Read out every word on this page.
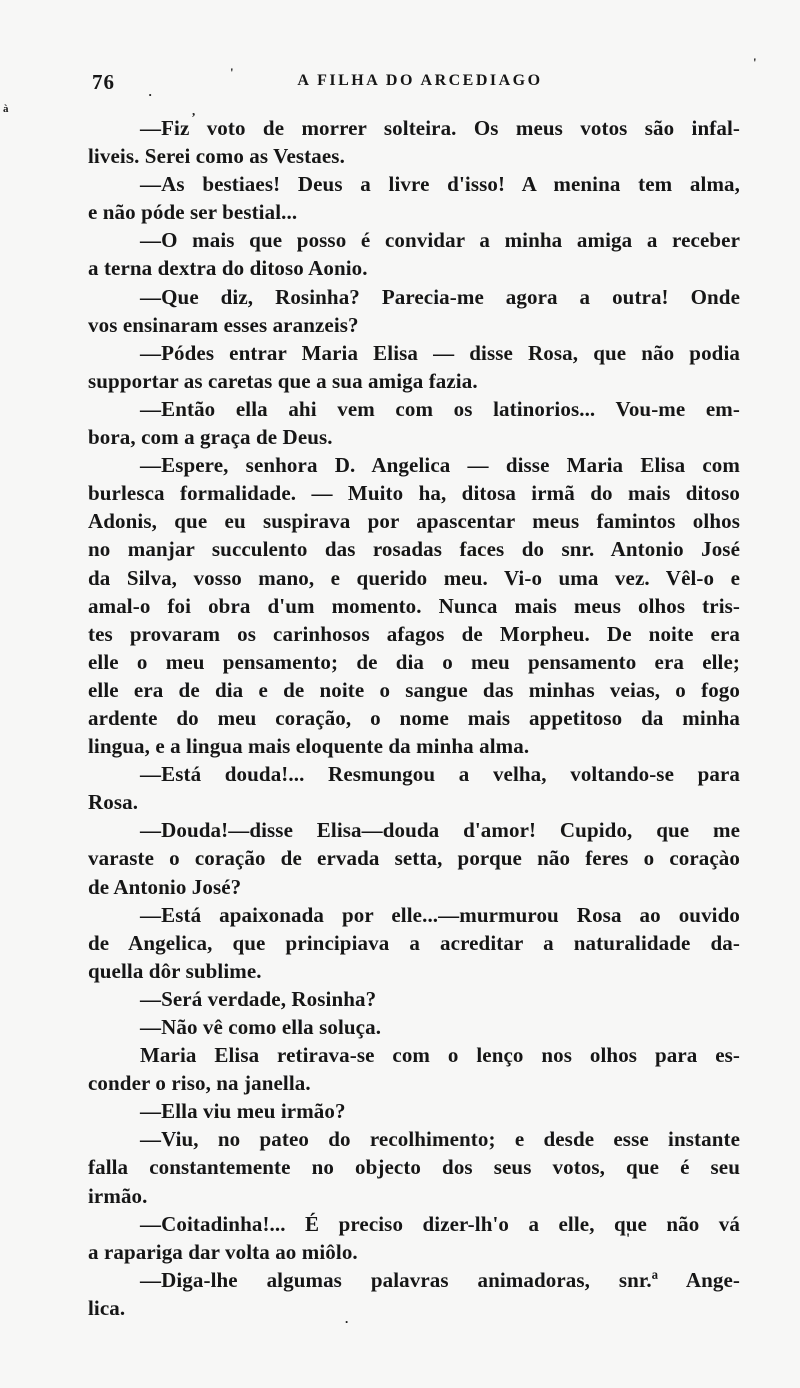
76	A FILHA DO ARCEDIAGO
—Fiz voto de morrer solteira. Os meus votos são infal-
liveis. Serei como as Vestaes.
—As bestiaes! Deus a livre d'isso! A menina tem alma,
e não póde ser bestial...
—O mais que posso é convidar a minha amiga a receber
a terna dextra do ditoso Aonio.
—Que diz, Rosinha? Parecia-me agora a outra! Onde
vos ensinaram esses aranzeis?
—Pódes entrar Maria Elisa — disse Rosa, que não podia
supportar as caretas que a sua amiga fazia.
—Então ella ahi vem com os latinorios... Vou-me em-
bora, com a graça de Deus.
—Espere, senhora D. Angelica — disse Maria Elisa com
burlesca formalidade. — Muito ha, ditosa irmã do mais ditoso
Adonis, que eu suspirava por apascentar meus famintos olhos
no manjar succulento das rosadas faces do snr. Antonio José
da Silva, vosso mano, e querido meu. Vi-o uma vez. Vêl-o e
amal-o foi obra d'um momento. Nunca mais meus olhos tris-
tes provaram os carinhosos afagos de Morpheu. De noite era
elle o meu pensamento; de dia o meu pensamento era elle;
elle era de dia e de noite o sangue das minhas veias, o fogo
ardente do meu coração, o nome mais appetitoso da minha
lingua, e a lingua mais eloquente da minha alma.
—Está douda!... Resmungou a velha, voltando-se para
Rosa.
—Douda!—disse Elisa—douda d'amor! Cupido, que me
varaste o coração de ervada setta, porque não feres o coraçào
de Antonio José?
—Está apaixonada por elle...—murmurou Rosa ao ouvido
de Angelica, que principiava a acreditar a naturalidade da-
quella dôr sublime.
—Será verdade, Rosinha?
—Não vê como ella soluça.
Maria Elisa retirava-se com o lenço nos olhos para es-
conder o riso, na janella.
—Ella viu meu irmão?
—Viu, no pateo do recolhimento; e desde esse instante
falla constantemente no objecto dos seus votos, que é seu
irmão.
—Coitadinha!... É preciso dizer-lh'o a elle, que não vá
a rapariga dar volta ao miôlo.
—Diga-lhe algumas palavras animadoras, snr.ª Ange-
lica.
à
·
'
,
'
.
'
